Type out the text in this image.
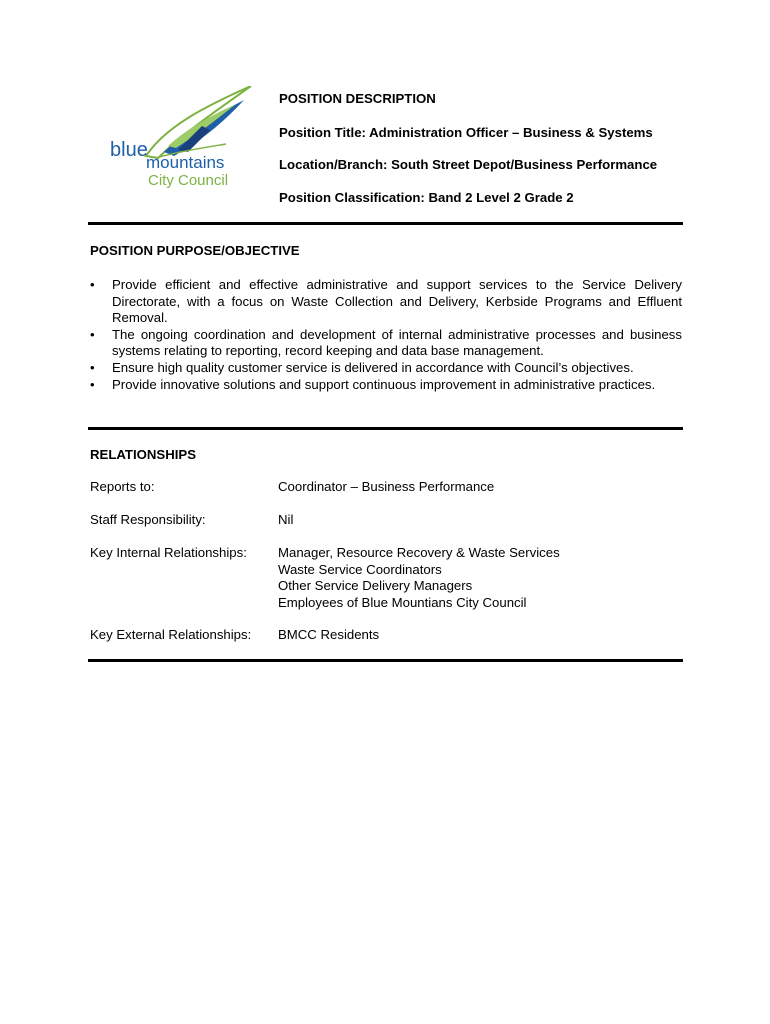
blue
mountains
City Council
POSITION DESCRIPTION
Position Title: Administration Officer – Business & Systems
Location/Branch: South Street Depot/Business Performance
Position Classification: Band 2 Level 2 Grade 2
POSITION PURPOSE/OBJECTIVE
• Provide efficient and effective administrative and support services to the Service Delivery Directorate, with a focus on Waste Collection and Delivery, Kerbside Programs and Effluent Removal.
• The ongoing coordination and development of internal administrative processes and business systems relating to reporting, record keeping and data base management.
• Ensure high quality customer service is delivered in accordance with Council’s objectives.
• Provide innovative solutions and support continuous improvement in administrative practices.
RELATIONSHIPS
Reports to:	Coordinator – Business Performance
Staff Responsibility:	Nil
Key Internal Relationships: Manager, Resource Recovery & Waste Services
Waste Service Coordinators
Other Service Delivery Managers
Employees of Blue Mountians City Council
Key External Relationships: BMCC Residents
